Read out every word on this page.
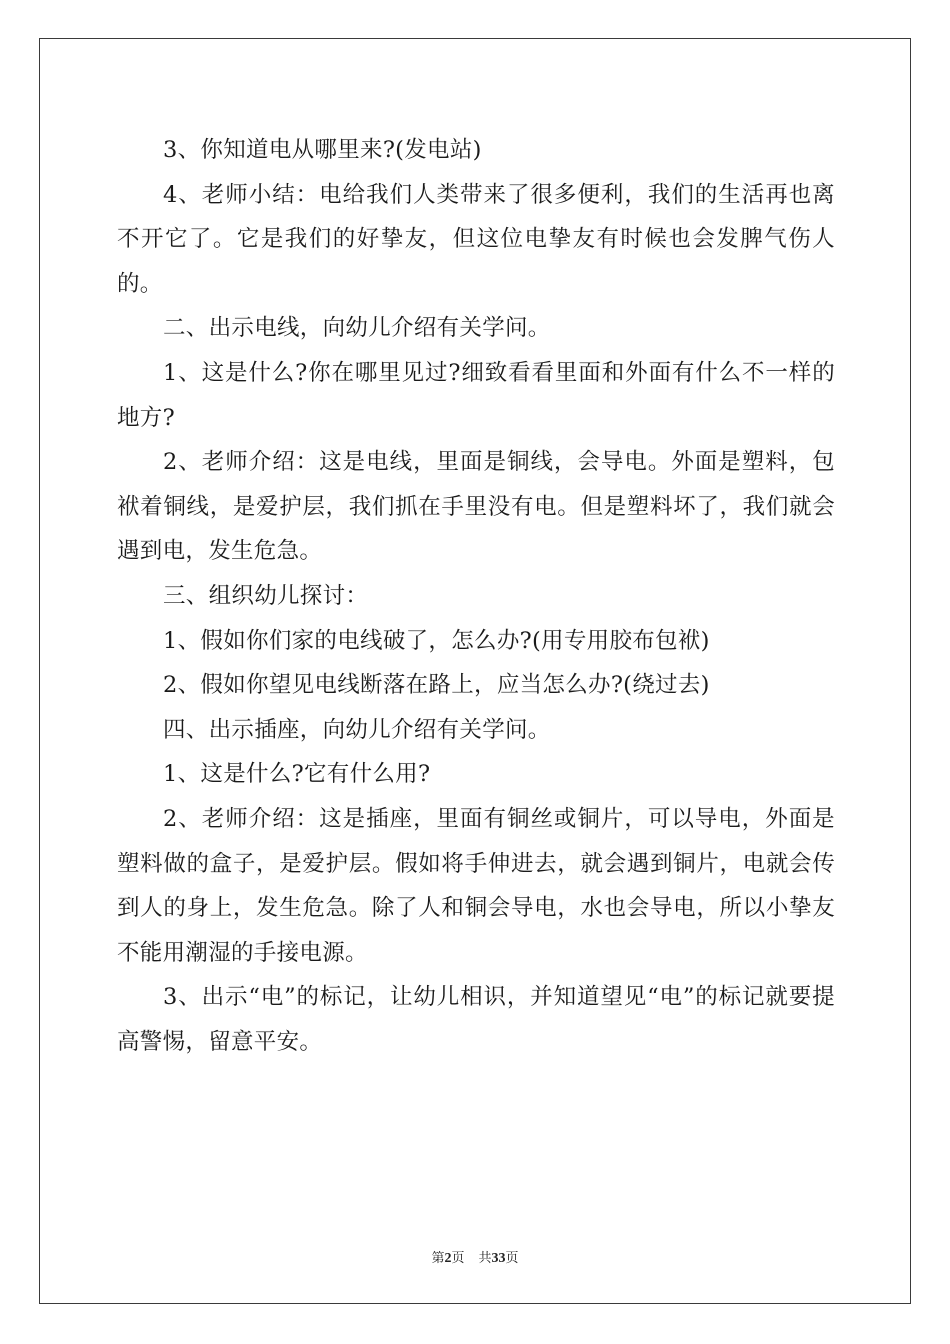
3、你知道电从哪里来?(发电站)

4、老师小结：电给我们人类带来了很多便利，我们的生活再也离不开它了。它是我们的好挚友，但这位电挚友有时候也会发脾气伤人的。

二、出示电线，向幼儿介绍有关学问。

1、这是什么?你在哪里见过?细致看看里面和外面有什么不一样的地方?

2、老师介绍：这是电线，里面是铜线，会导电。外面是塑料，包袱着铜线，是爱护层，我们抓在手里没有电。但是塑料坏了，我们就会遇到电，发生危急。

三、组织幼儿探讨：

1、假如你们家的电线破了，怎么办?(用专用胶布包袱)

2、假如你望见电线断落在路上，应当怎么办?(绕过去)

四、出示插座，向幼儿介绍有关学问。

1、这是什么?它有什么用?

2、老师介绍：这是插座，里面有铜丝或铜片，可以导电，外面是塑料做的盒子，是爱护层。假如将手伸进去，就会遇到铜片，电就会传到人的身上，发生危急。除了人和铜会导电，水也会导电，所以小挚友不能用潮湿的手接电源。

3、出示“电”的标记，让幼儿相识，并知道望见“电”的标记就要提高警惕，留意平安。

第2页 共33页
